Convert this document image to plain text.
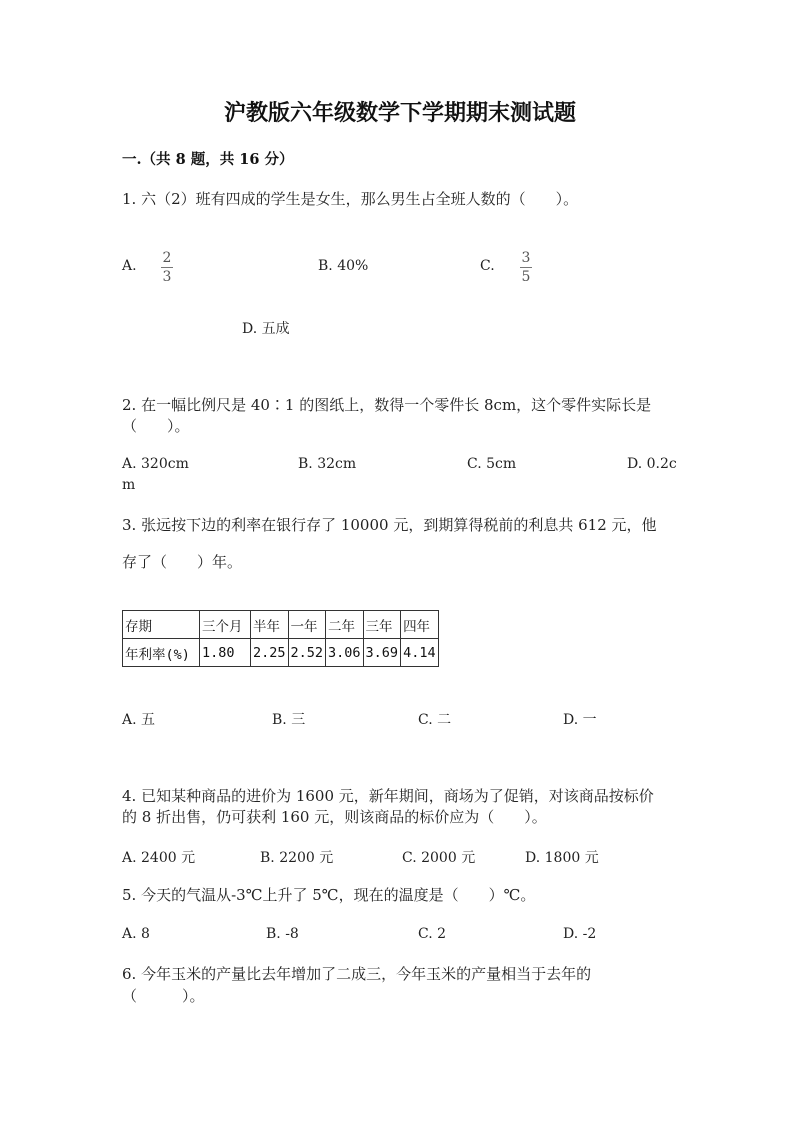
沪教版六年级数学下学期期末测试题
一.（共 8 题，共 16 分）
1. 六（2）班有四成的学生是女生，那么男生占全班人数的（　　）。
A. 2
3
B. 40%	C. 3
5
D. 五成
2. 在一幅比例尺是 40∶1 的图纸上，数得一个零件长 8cm，这个零件实际长是
（　　）。
A. 320cm	B. 32cm	C. 5cm	D. 0.2c
m
3. 张远按下边的利率在银行存了 10000 元，到期算得税前的利息共 612 元，他
存了（　　）年。
存期	三个月	半年	一年	二年	三年	四年
年利率(%)	1.80	2.25	2.52	3.06	3.69	4.14
A. 五	B. 三	C. 二	D. 一
4. 已知某种商品的进价为 1600 元，新年期间，商场为了促销，对该商品按标价
的 8 折出售，仍可获利 160 元，则该商品的标价应为（　　）。
A. 2400 元	B. 2200 元	C. 2000 元	D. 1800 元
5. 今天的气温从-3℃上升了 5℃，现在的温度是（　　）℃。
A. 8	B. -8	C. 2	D. -2
6. 今年玉米的产量比去年增加了二成三，今年玉米的产量相当于去年的
（　　　）。
